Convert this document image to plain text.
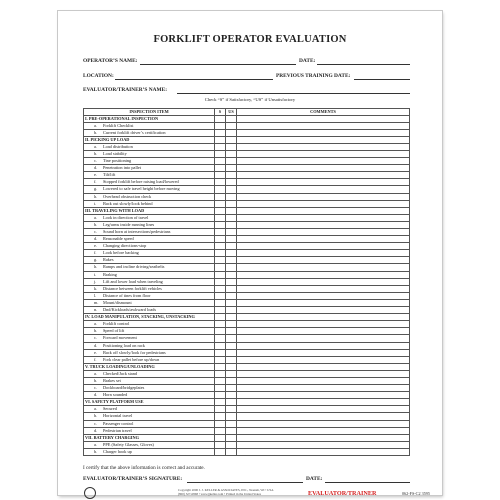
FORKLIFT OPERATOR EVALUATION
OPERATOR’S NAME:	DATE:
LOCATION:	PREVIOUS TRAINING DATE:
EVALUATOR/TRAINER’S NAME:
Check “S” if Satisfactory, “US” if Unsatisfactory
INSPECTION ITEM	S	US	COMMENTS
I. PRE-OPERATIONAL INSPECTION			
a. Forklift Checklist			
b. Current forklift driver’s certification			
II. PICKING UP LOAD			
a. Load distribution			
b. Load stability			
c. Tine positioning			
d. Penetration into pallet			
e. Tilt/lift			
f. Stopped forklift before raising load/lowered			
g. Lowered to safe travel height before moving			
h. Overhead obstruction check			
i. Back out slowly/look behind			
III. TRAVELING WITH LOAD			
a. Look in direction of travel			
b. Leg/arms inside running lines			
c. Sound horn at intersections/pedestrians			
d. Reasonable speed			
e. Changing directions-stop			
f. Look before backing			
g. Rakes			
h. Ramps and incline driving/seatbelts			
i. Braking			
j. Lift and lower load when traveling			
k. Distance between forklift vehicles			
l. Distance of tines from floor			
m. Mount/dismount			
n. Dnd/Kickloads/awkward loads			
IV. LOAD MANIPULATION, STACKING, UNSTACKING			
a. Forklift control			
b. Speed of lift			
c. Forward movement			
d. Positioning load on rack			
e. Back off slowly/look for pedestrians			
f. Fork clear pallet before up/down			
V. TRUCK LOADING/UNLOADING			
a. Checked/Jack stand			
b. Brakes set			
c. Dockboard/bridgeplates			
d. Horn sounded			
VI. SAFETY PLATFORM USE			
a. Secured			
b. Horizontal travel			
c. Passenger control			
d. Pedestrian travel			
VII. BATTERY CHARGING			
a. PPE (Safety Glasses, Gloves)			
b. Charger hook up			
I certify that the above information is correct and accurate.
EVALUATOR/TRAINER’S SIGNATURE:	DATE:
Copyright 2000 J. J. KELLER & ASSOCIATES, INC., Neenah, WI • USA
(800) 327-6868 • www.jjkeller.com • Printed in the United States	EVALUATOR/TRAINER	062-FS-C2 3595
